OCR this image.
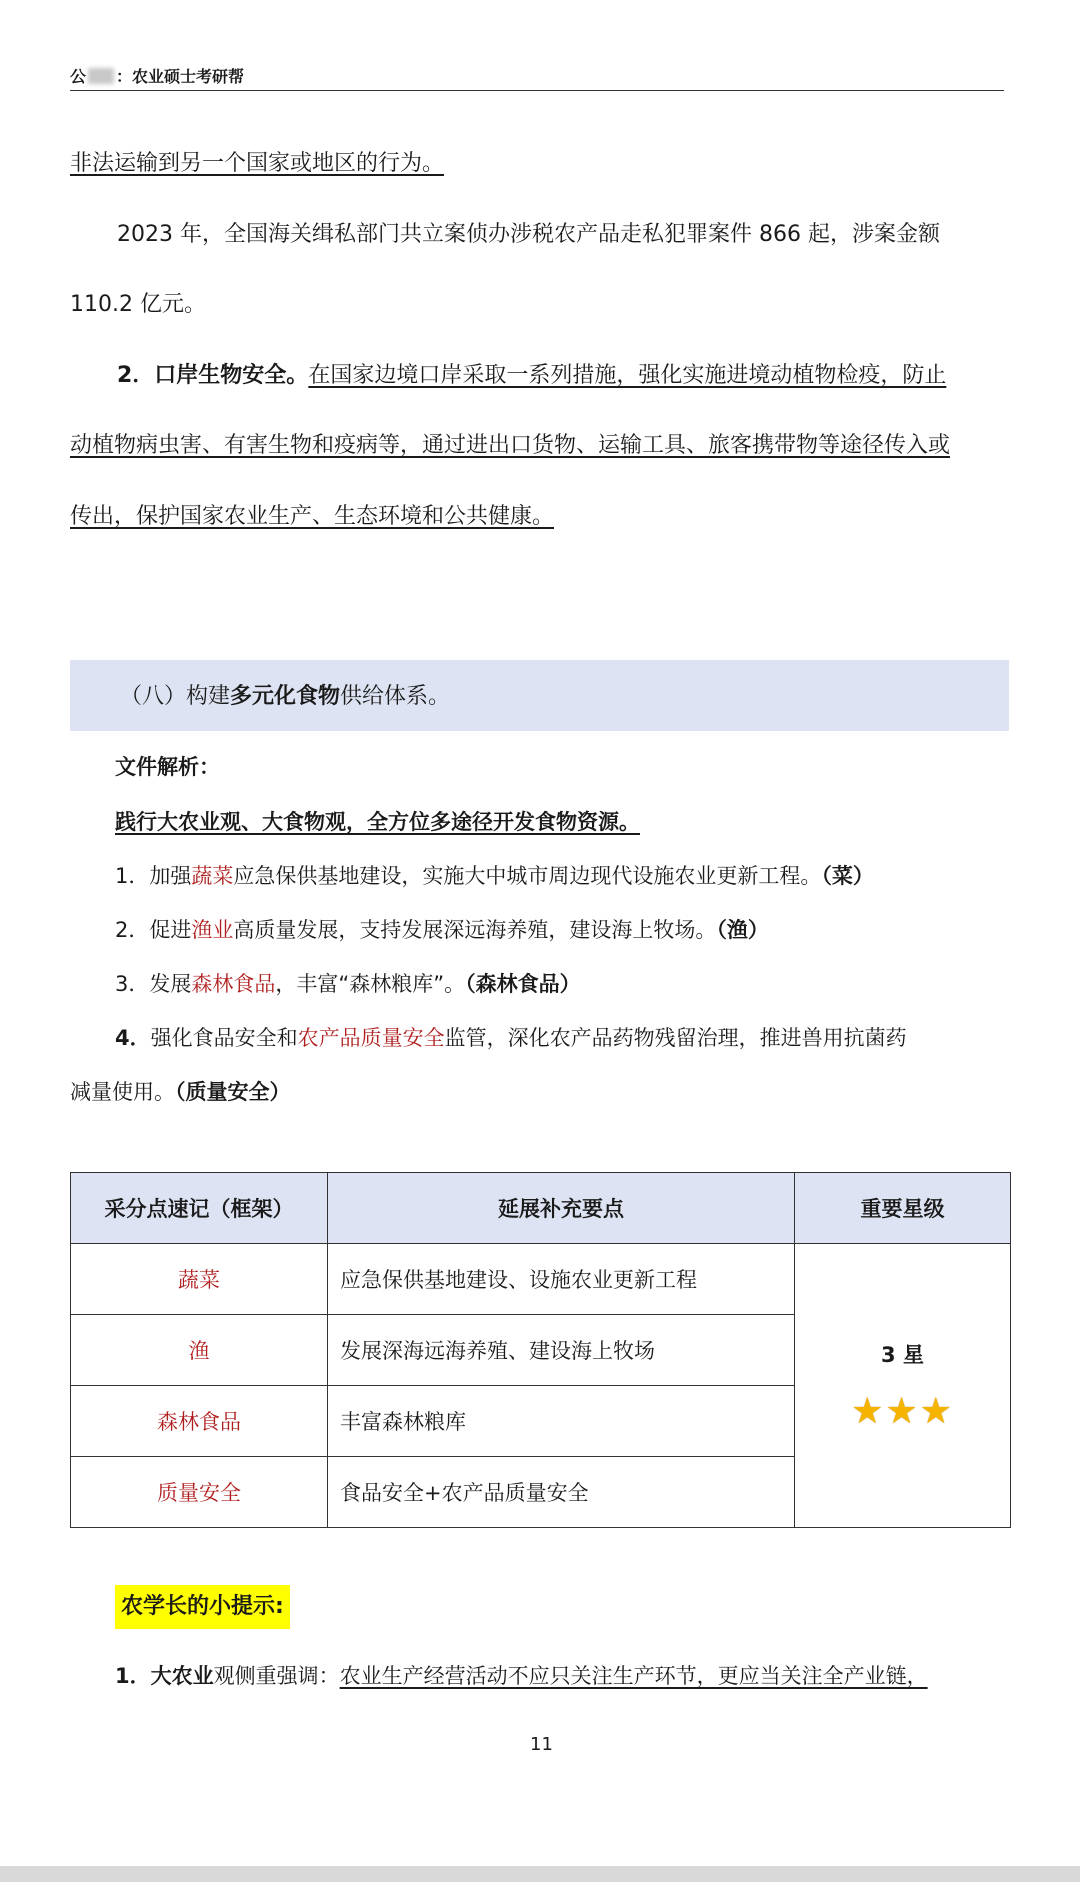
公 ：农业硕士考研帮
非法运输到另一个国家或地区的行为。
2023 年，全国海关缉私部门共立案侦办涉税农产品走私犯罪案件 866 起，涉案金额
110.2 亿元。
2．口岸生物安全。在国家边境口岸采取一系列措施，强化实施进境动植物检疫，防止
动植物病虫害、有害生物和疫病等，通过进出口货物、运输工具、旅客携带物等途径传入或
传出，保护国家农业生产、生态环境和公共健康。
（八）构建多元化食物供给体系。
文件解析：
践行大农业观、大食物观，全方位多途径开发食物资源。
1．加强蔬菜应急保供基地建设，实施大中城市周边现代设施农业更新工程。（菜）
2．促进渔业高质量发展，支持发展深远海养殖，建设海上牧场。（渔）
3．发展森林食品，丰富“森林粮库”。（森林食品）
4．强化食品安全和农产品质量安全监管，深化农产品药物残留治理，推进兽用抗菌药
减量使用。（质量安全）
采分点速记（框架）	延展补充要点	重要星级
蔬菜	应急保供基地建设、设施农业更新工程	3 星
★★★

渔	发展深海远海养殖、建设海上牧场	
森林食品	丰富森林粮库	
质量安全	食品安全+农产品质量安全	
农学长的小提示:
1．大农业观侧重强调：农业生产经营活动不应只关注生产环节，更应当关注全产业链，
11
